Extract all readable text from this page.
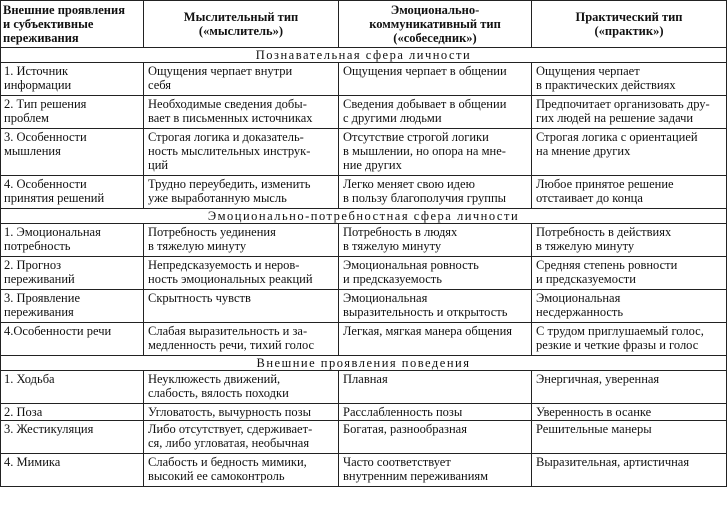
Внешние проявления
и субъективные
переживания	Мыслительный тип
(«мыслитель»)	Эмоционально-
коммуникативный тип
(«собеседник»)	Практический тип
(«практик»)
Познавательная сфера личности			
1. Источник
информации	Ощущения черпает внутри
себя	Ощущения черпает в общении	Ощущения черпает
в практических действиях
2. Тип решения
проблем	Необходимые сведения добы-
вает в письменных источниках	Сведения добывает в общении
с другими людьми	Предпочитает организовать дру-
гих людей на решение задачи
3. Особенности
мышления	Строгая логика и доказатель-
ность мыслительных инструк-
ций	Отсутствие строгой логики
в мышлении, но опора на мне-
ние других	Строгая логика с ориентацией
на мнение других
4. Особенности
принятия решений	Трудно переубедить, изменить
уже выработанную мысль	Легко меняет свою идею
в пользу благополучия группы	Любое принятое решение
отстаивает до конца
Эмоционально-потребностная сфера личности			
1. Эмоциональная
потребность	Потребность уединения
в тяжелую минуту	Потребность в людях
в тяжелую минуту	Потребность в действиях
в тяжелую минуту
2. Прогноз
переживаний	Непредсказуемость и неров-
ность эмоциональных реакций	Эмоциональная ровность
и предсказуемость	Средняя степень ровности
и предсказуемости
3. Проявление
переживания	Скрытность чувств	Эмоциональная
выразительность и открытость	Эмоциональная
несдержанность
4.Особенности речи	Слабая выразительность и за-
медленность речи, тихий голос	Легкая, мягкая манера общения	С трудом приглушаемый голос,
резкие и четкие фразы и голос
Внешние проявления поведения			
1. Ходьба	Неуклюжесть движений,
слабость, вялость походки	Плавная	Энергичная, уверенная
2. Поза	Угловатость, вычурность позы	Расслабленность позы	Уверенность в осанке
3. Жестикуляция	Либо отсутствует, сдерживает-
ся, либо угловатая, необычная	Богатая, разнообразная	Решительные манеры
4. Мимика	Слабость и бедность мимики,
высокий ее самоконтроль	Часто соответствует
внутренним переживаниям	Выразительная, артистичная
